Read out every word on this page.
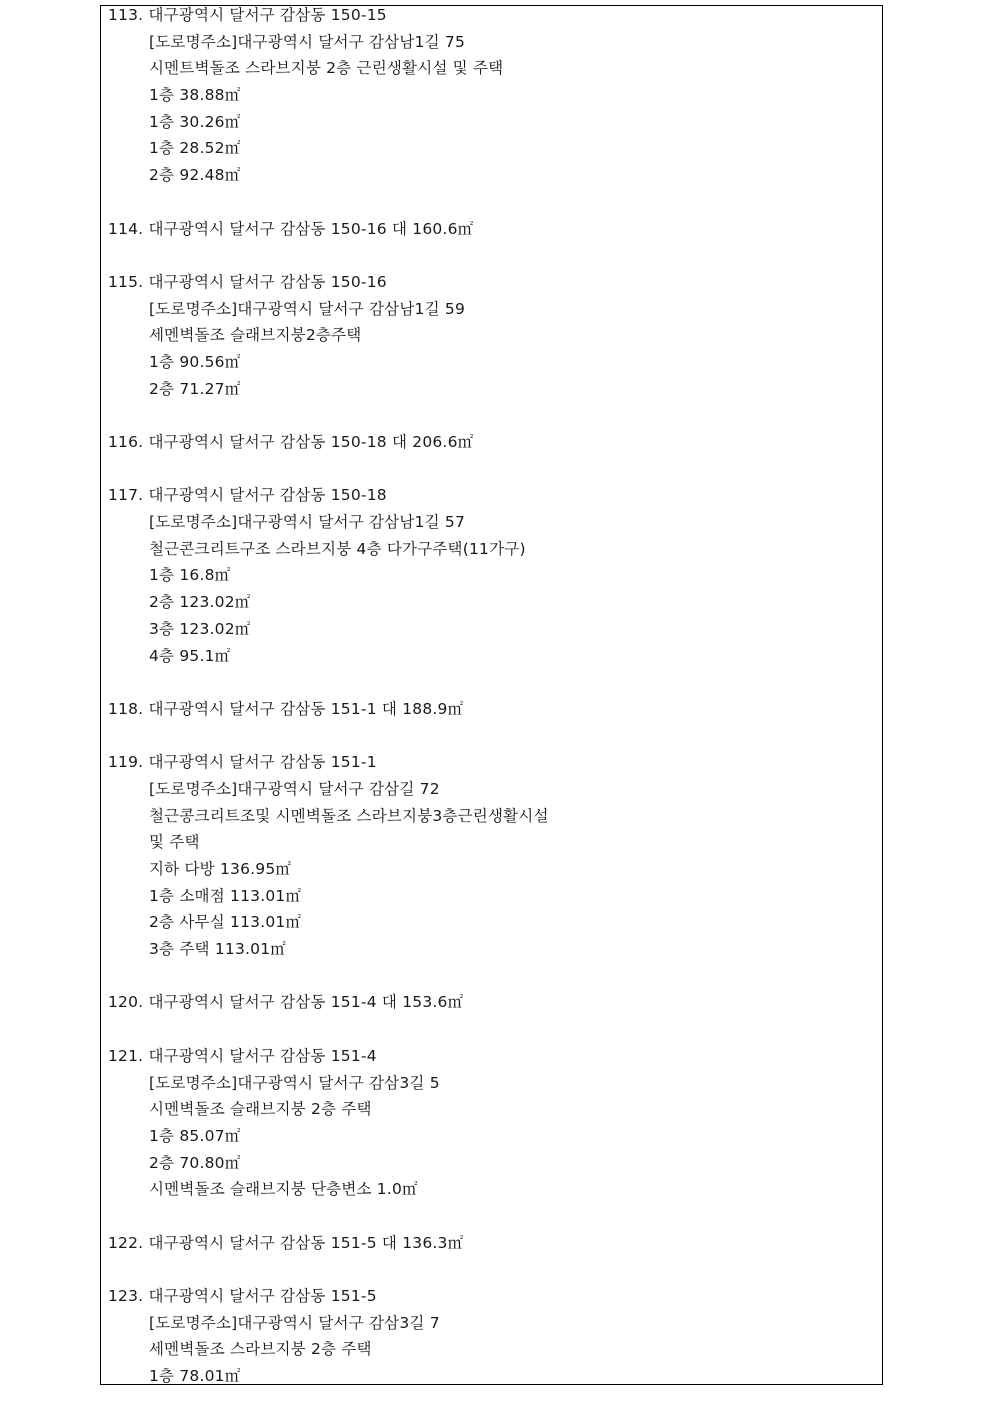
113. 대구광역시 달서구 감삼동 150-15
[도로명주소]대구광역시 달서구 감삼남1길 75
시멘트벽돌조 스라브지붕 2층 근린생활시설 및 주택
1층 38.88㎡
1층 30.26㎡
1층 28.52㎡
2층 92.48㎡
114. 대구광역시 달서구 감삼동 150-16 대 160.6㎡
115. 대구광역시 달서구 감삼동 150-16
[도로명주소]대구광역시 달서구 감삼남1길 59
세멘벽돌조 슬래브지붕2층주택
1층 90.56㎡
2층 71.27㎡
116. 대구광역시 달서구 감삼동 150-18 대 206.6㎡
117. 대구광역시 달서구 감삼동 150-18
[도로명주소]대구광역시 달서구 감삼남1길 57
철근콘크리트구조 스라브지붕 4층 다가구주택(11가구)
1층 16.8㎡
2층 123.02㎡
3층 123.02㎡
4층 95.1㎡
118. 대구광역시 달서구 감삼동 151-1 대 188.9㎡
119. 대구광역시 달서구 감삼동 151-1
[도로명주소]대구광역시 달서구 감삼길 72
철근콩크리트조및 시멘벽돌조 스라브지붕3층근린생활시설
및 주택
지하 다방 136.95㎡
1층 소매점 113.01㎡
2층 사무실 113.01㎡
3층 주택 113.01㎡
120. 대구광역시 달서구 감삼동 151-4 대 153.6㎡
121. 대구광역시 달서구 감삼동 151-4
[도로명주소]대구광역시 달서구 감삼3길 5
시멘벽돌조 슬래브지붕 2층 주택
1층 85.07㎡
2층 70.80㎡
시멘벽돌조 슬래브지붕 단층변소 1.0㎡
122. 대구광역시 달서구 감삼동 151-5 대 136.3㎡
123. 대구광역시 달서구 감삼동 151-5
[도로명주소]대구광역시 달서구 감삼3길 7
세멘벽돌조 스라브지붕 2층 주택
1층 78.01㎡
